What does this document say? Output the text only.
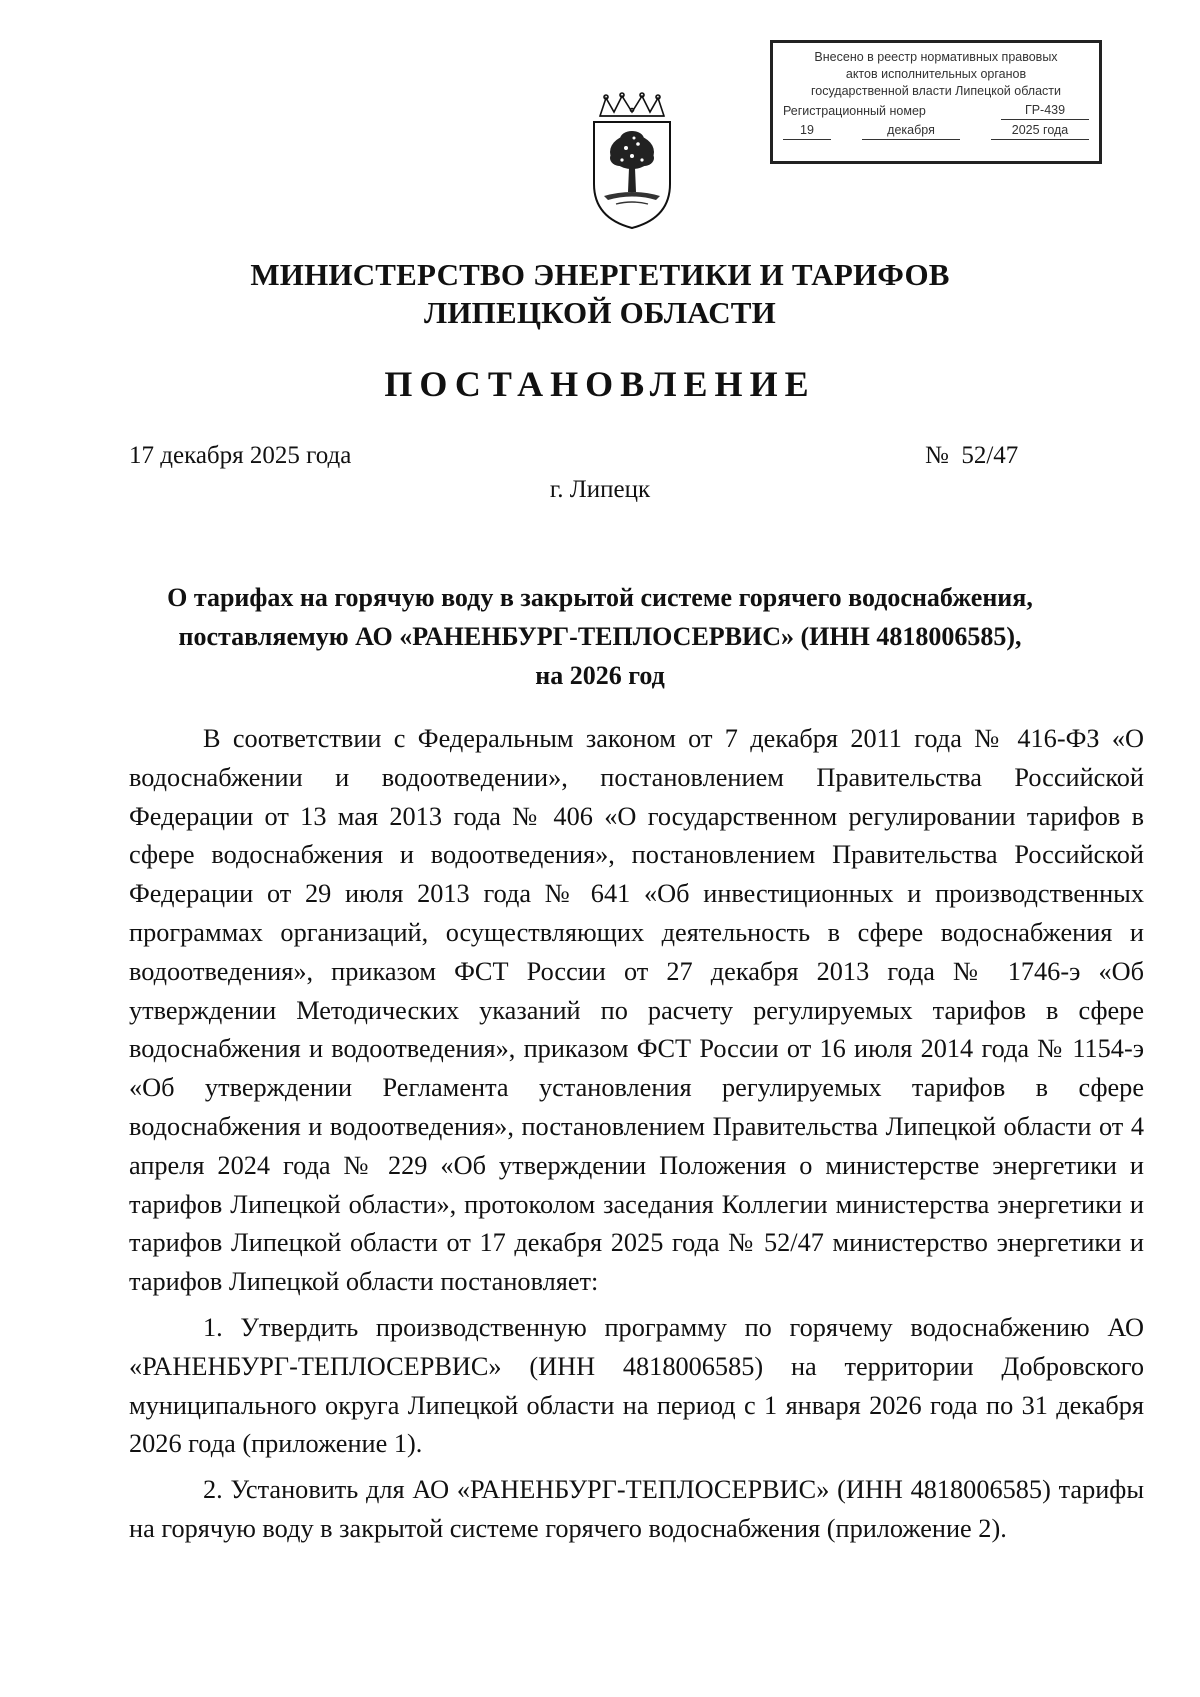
Внесено в реестр нормативных правовых
актов исполнительных органов
государственной власти Липецкой области
Регистрационный номер	ГР-439
19	декабря	2025 года
МИНИСТЕРСТВО ЭНЕРГЕТИКИ И ТАРИФОВ
ЛИПЕЦКОЙ ОБЛАСТИ
ПОСТАНОВЛЕНИЕ
17 декабря 2025 года	№  52/47
г. Липецк
О тарифах на горячую воду в закрытой системе горячего водоснабжения,
поставляемую АО «РАНЕНБУРГ-ТЕПЛОСЕРВИС» (ИНН 4818006585),
на 2026 год

В соответствии с Федеральным законом от 7 декабря 2011 года № 416-ФЗ «О водоснабжении и водоотведении», постановлением Правительства Российской Федерации от 13 мая 2013 года № 406 «О государственном регулировании тарифов в сфере водоснабжения и водоотведения», постановлением Правительства Российской Федерации от 29 июля 2013 года № 641 «Об инвестиционных и производственных программах организаций, осуществляющих деятельность в сфере водоснабжения и водоотведения», приказом ФСТ России от 27 декабря 2013 года № 1746-э «Об утверждении Методических указаний по расчету регулируемых тарифов в сфере водоснабжения и водоотведения», приказом ФСТ России от 16 июля 2014 года № 1154-э «Об утверждении Регламента установления регулируемых тарифов в сфере водоснабжения и водоотведения», постановлением Правительства Липецкой области от 4 апреля 2024 года № 229 «Об утверждении Положения о министерстве энергетики и тарифов Липецкой области», протоколом заседания Коллегии министерства энергетики и тарифов Липецкой области от 17 декабря 2025 года № 52/47 министерство энергетики и тарифов Липецкой области постановляет:

1. Утвердить производственную программу по горячему водоснабжению АО «РАНЕНБУРГ-ТЕПЛОСЕРВИС» (ИНН 4818006585) на территории Добровского муниципального округа Липецкой области на период с 1 января 2026 года по 31 декабря 2026 года (приложение 1).

2. Установить для АО «РАНЕНБУРГ-ТЕПЛОСЕРВИС» (ИНН 4818006585) тарифы на горячую воду в закрытой системе горячего водоснабжения (приложение 2).
